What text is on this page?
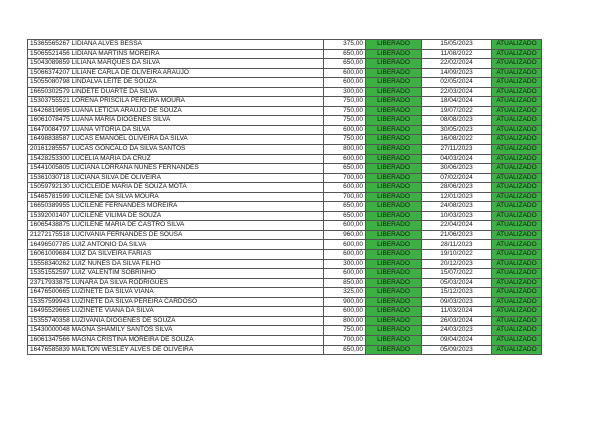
15365565267 LIDIANA ALVES BESSA	375,00	LIBERADO	15/05/2023	ATUALIZADO
15065521456 LIDIANA MARTINS MOREIRA	650,00	LIBERADO	11/08/2022	ATUALIZADO
15043089859 LILIANA MARQUES DA SILVA	650,00	LIBERADO	22/02/2024	ATUALIZADO
15066374207 LILIANE CARLA DE OLIVEIRA ARAUJO	600,00	LIBERADO	14/09/2023	ATUALIZADO
15055080798 LINDALVA LEITE DE SOUZA	600,00	LIBERADO	02/05/2024	ATUALIZADO
16650302579 LINDETE DUARTE DA SILVA	300,00	LIBERADO	22/03/2024	ATUALIZADO
15303755521 LORENA PRISCILA PEREIRA MOURA	750,00	LIBERADO	18/04/2024	ATUALIZADO
16426819695 LUANA LETICIA ARAUJO DE SOUZA	750,00	LIBERADO	19/07/2022	ATUALIZADO
16061078475 LUANA MARIA DIOGENES SILVA	750,00	LIBERADO	08/08/2023	ATUALIZADO
16470084797 LUANA VITORIA DA SILVA	600,00	LIBERADO	30/05/2023	ATUALIZADO
16498838587 LUCAS EMANOEL OLIVEIRA DA SILVA	750,00	LIBERADO	16/08/2022	ATUALIZADO
20161285557 LUCAS GONCALO DA SILVA SANTOS	800,00	LIBERADO	27/11/2023	ATUALIZADO
15428253300 LUCELIA MARIA DA CRUZ	600,00	LIBERADO	04/03/2024	ATUALIZADO
15441005805 LUCIANA LORRANA NUNES FERNANDES	650,00	LIBERADO	30/06/2023	ATUALIZADO
15361030718 LUCIANA SILVA DE OLIVEIRA	700,00	LIBERADO	07/02/2024	ATUALIZADO
15059792130 LUCICLEIDE MARIA DE SOUZA MOTA	600,00	LIBERADO	28/06/2023	ATUALIZADO
15465781599 LUCILENE DA SILVA MOURA	700,00	LIBERADO	12/01/2023	ATUALIZADO
16650389955 LUCILENE FERNANDES MOREIRA	650,00	LIBERADO	24/08/2023	ATUALIZADO
15392001407 LUCILENE VILIMA DE SOUZA	650,00	LIBERADO	10/03/2023	ATUALIZADO
16065438875 LUCILENE MARIA DE CASTRO SILVA	600,00	LIBERADO	22/04/2024	ATUALIZADO
21272175518 LUCIVANIA FERNANDES DE SOUSA	960,00	LIBERADO	21/06/2023	ATUALIZADO
16496507785 LUIZ ANTONIO DA SILVA	600,00	LIBERADO	28/11/2023	ATUALIZADO
16061009684 LUIZ DA SILVEIRA FARIAS	600,00	LIBERADO	19/10/2022	ATUALIZADO
15558340262 LUIZ NUNES DA SILVA FILHO	300,00	LIBERADO	20/12/2023	ATUALIZADO
15351552597 LUIZ VALENTIM SOBRINHO	600,00	LIBERADO	15/07/2022	ATUALIZADO
23717933875 LUNARA DA SILVA RODRIGUES	850,00	LIBERADO	05/03/2024	ATUALIZADO
16476500665 LUZINETE DA SILVA VIANA	325,00	LIBERADO	15/12/2023	ATUALIZADO
15357599943 LUZINETE DA SILVA PEREIRA CARDOSO	900,00	LIBERADO	09/03/2023	ATUALIZADO
16495529665 LUZINETE VIANA DA SILVA	600,00	LIBERADO	11/03/2024	ATUALIZADO
15355740358 LUZIVANIA DIOGENES DE SOUZA	800,00	LIBERADO	26/03/2024	ATUALIZADO
15430000048 MAGNA SHAMILY SANTOS SILVA	750,00	LIBERADO	24/03/2023	ATUALIZADO
16061347566 MAGNA CRISTINA MOREIRA DE SOUZA	700,00	LIBERADO	09/04/2024	ATUALIZADO
16476585839 MAILTON WESLEY ALVES DE OLIVEIRA	650,00	LIBERADO	05/09/2023	ATUALIZADO
